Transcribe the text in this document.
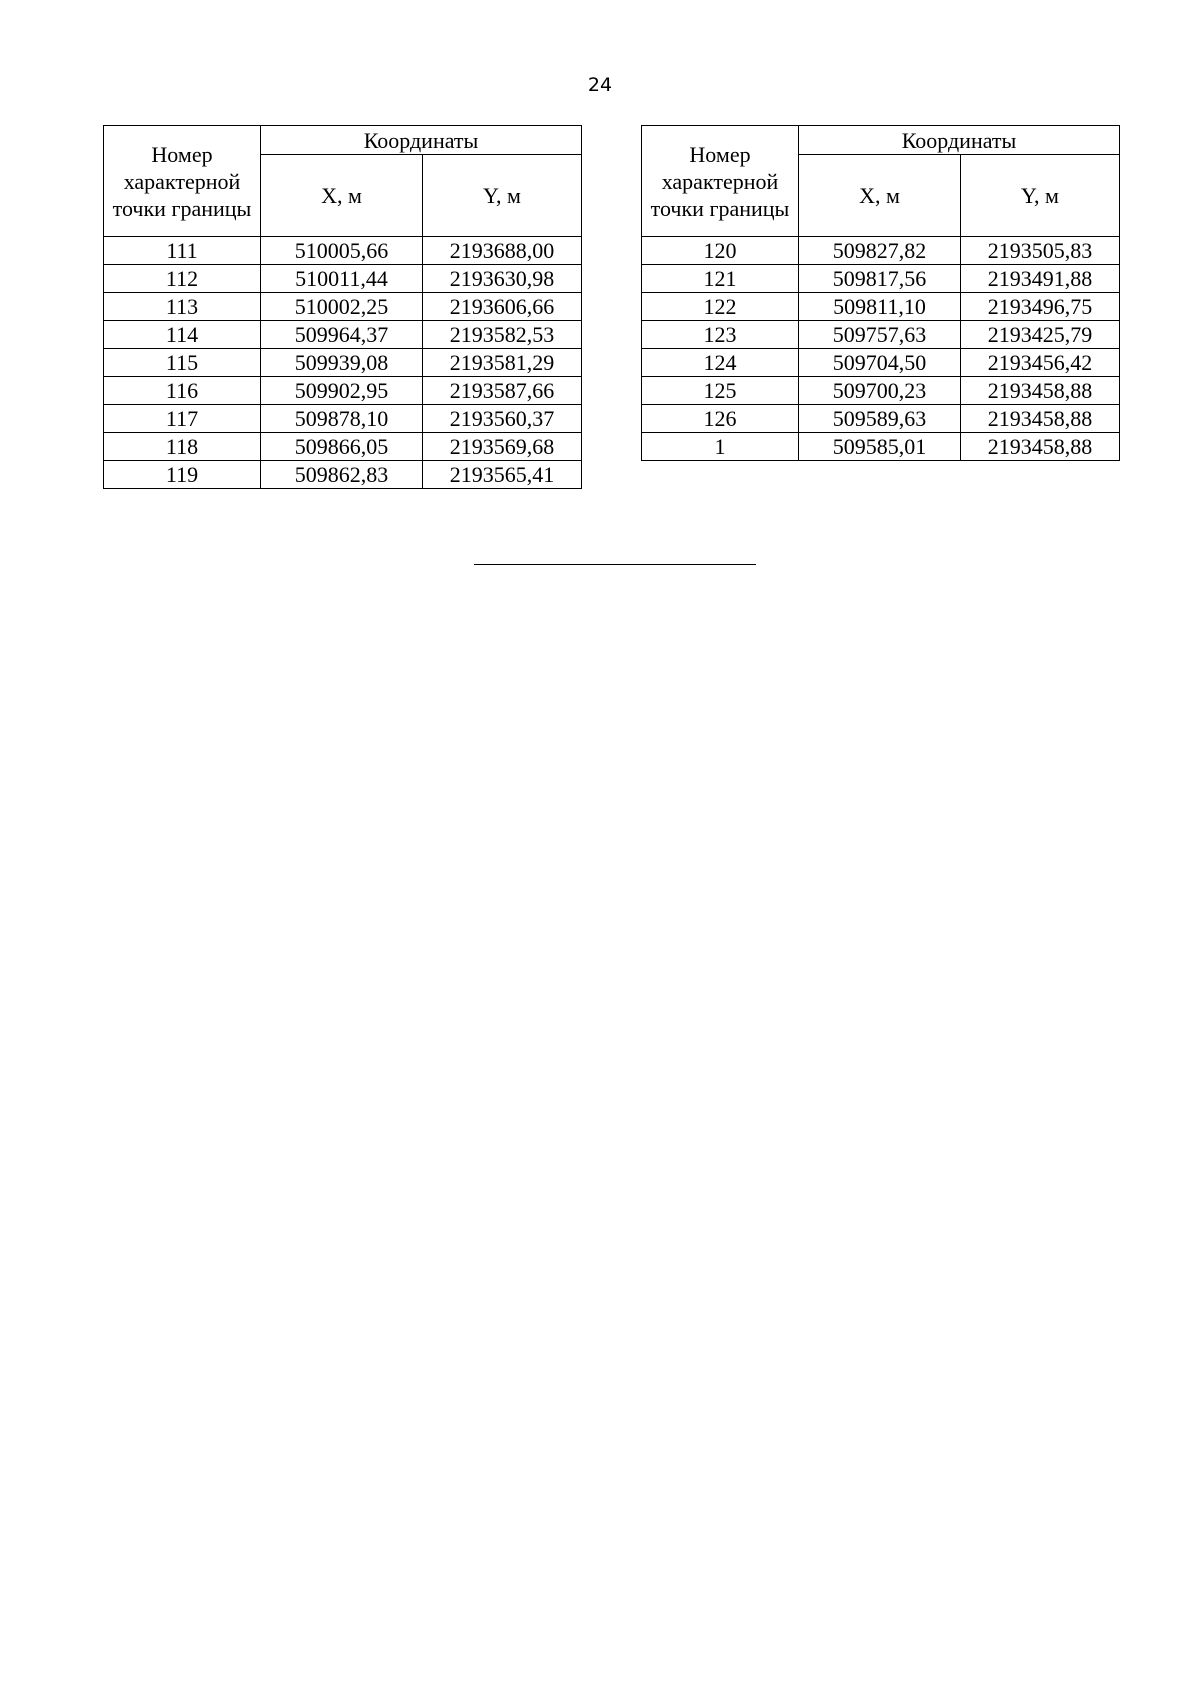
24
Номер характерной точки границы	Координаты	
	X, м	Y, м
111	510005,66	2193688,00
112	510011,44	2193630,98
113	510002,25	2193606,66
114	509964,37	2193582,53
115	509939,08	2193581,29
116	509902,95	2193587,66
117	509878,10	2193560,37
118	509866,05	2193569,68
119	509862,83	2193565,41
Номер характерной точки границы	Координаты	
	X, м	Y, м
120	509827,82	2193505,83
121	509817,56	2193491,88
122	509811,10	2193496,75
123	509757,63	2193425,79
124	509704,50	2193456,42
125	509700,23	2193458,88
126	509589,63	2193458,88
1	509585,01	2193458,88
